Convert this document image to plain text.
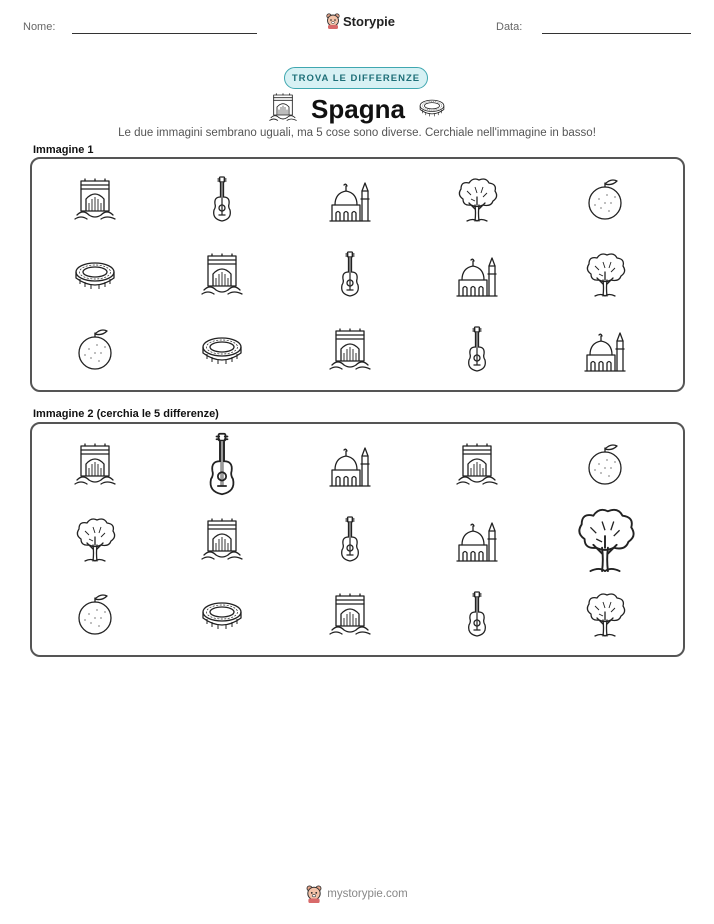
Nome:	Storypie	Data:
TROVA LE DIFFERENZE
Spagna
Le due immagini sembrano uguali, ma 5 cose sono diverse. Cerchiale nell'immagine in basso!
Immagine 1
Immagine 2 (cerchia le 5 differenze)
mystorypie.com
